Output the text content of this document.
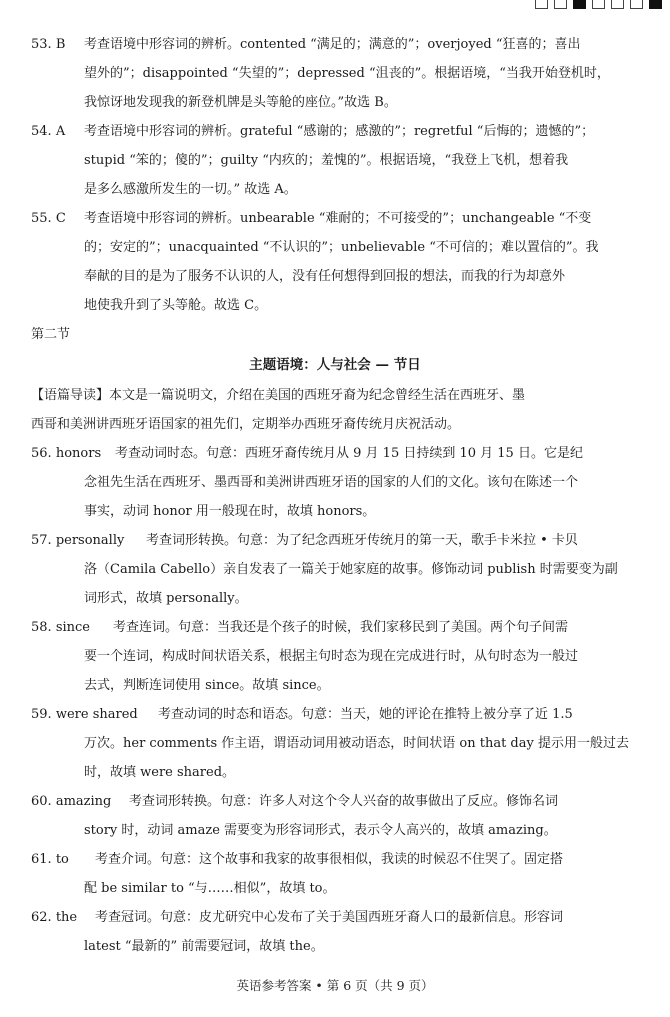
53. B 考查语境中形容词的辨析。contented “满足的；满意的”；overjoyed “狂喜的；喜出

望外的”；disappointed “失望的”；depressed “沮丧的”。根据语境，“当我开始登机时，

我惊讶地发现我的新登机牌是头等舱的座位。”故选 B。

54. A 考查语境中形容词的辨析。grateful “感谢的；感激的”；regretful “后悔的；遗憾的”；

stupid “笨的；傻的”；guilty “内疚的；羞愧的”。根据语境，“我登上飞机，想着我

是多么感激所发生的一切。” 故选 A。

55. C 考查语境中形容词的辨析。unbearable “难耐的；不可接受的”；unchangeable “不变

的；安定的”；unacquainted “不认识的”；unbelievable “不可信的；难以置信的”。我

奉献的目的是为了服务不认识的人，没有任何想得到回报的想法，而我的行为却意外

地使我升到了头等舱。故选 C。

第二节

主题语境：人与社会 — 节日

【语篇导读】本文是一篇说明文，介绍在美国的西班牙裔为纪念曾经生活在西班牙、墨

西哥和美洲讲西班牙语国家的祖先们，定期举办西班牙裔传统月庆祝活动。

56. honors 考查动词时态。句意：西班牙裔传统月从 9 月 15 日持续到 10 月 15 日。它是纪

念祖先生活在西班牙、墨西哥和美洲讲西班牙语的国家的人们的文化。该句在陈述一个

事实，动词 honor 用一般现在时，故填 honors。

57. personally 考查词形转换。句意：为了纪念西班牙传统月的第一天，歌手卡米拉 • 卡贝

洛（Camila Cabello）亲自发表了一篇关于她家庭的故事。修饰动词 publish 时需要变为副

词形式，故填 personally。

58. since 考查连词。句意：当我还是个孩子的时候，我们家移民到了美国。两个句子间需

要一个连词，构成时间状语关系，根据主句时态为现在完成进行时，从句时态为一般过

去式，判断连词使用 since。故填 since。

59. were shared 考查动词的时态和语态。句意：当天，她的评论在推特上被分享了近 1.5

万次。her comments 作主语，谓语动词用被动语态，时间状语 on that day 提示用一般过去

时，故填 were shared。

60. amazing 考查词形转换。句意：许多人对这个令人兴奋的故事做出了反应。修饰名词

story 时，动词 amaze 需要变为形容词形式，表示令人高兴的，故填 amazing。

61. to 考查介词。句意：这个故事和我家的故事很相似，我读的时候忍不住哭了。固定搭

配 be similar to “与……相似”，故填 to。

62. the 考查冠词。句意：皮尤研究中心发布了关于美国西班牙裔人口的最新信息。形容词

latest “最新的” 前需要冠词，故填 the。

英语参考答案 • 第 6 页（共 9 页）
